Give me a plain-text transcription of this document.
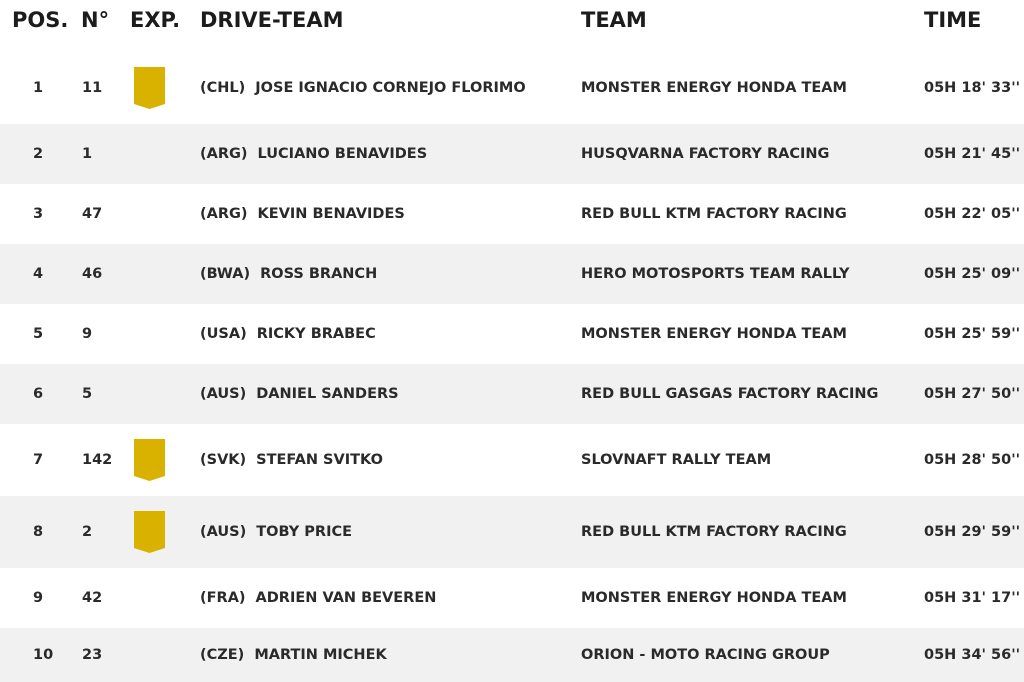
POS. N° EXP. DRIVE-TEAM	TEAM	TIME
1	11	(CHL) JOSE IGNACIO CORNEJO FLORIMO	MONSTER ENERGY HONDA TEAM	05H 18' 33''
2	1	(ARG) LUCIANO BENAVIDES	HUSQVARNA FACTORY RACING	05H 21' 45''
3	47	(ARG) KEVIN BENAVIDES	RED BULL KTM FACTORY RACING	05H 22' 05''
4	46	(BWA) ROSS BRANCH	HERO MOTOSPORTS TEAM RALLY	05H 25' 09''
5	9	(USA) RICKY BRABEC	MONSTER ENERGY HONDA TEAM	05H 25' 59''
6	5	(AUS) DANIEL SANDERS	RED BULL GASGAS FACTORY RACING	05H 27' 50''
7	142	(SVK) STEFAN SVITKO	SLOVNAFT RALLY TEAM	05H 28' 50''
8	2	(AUS) TOBY PRICE	RED BULL KTM FACTORY RACING	05H 29' 59''
9	42	(FRA) ADRIEN VAN BEVEREN	MONSTER ENERGY HONDA TEAM	05H 31' 17''
10 23	(CZE) MARTIN MICHEK	ORION - MOTO RACING GROUP	05H 34' 56''
